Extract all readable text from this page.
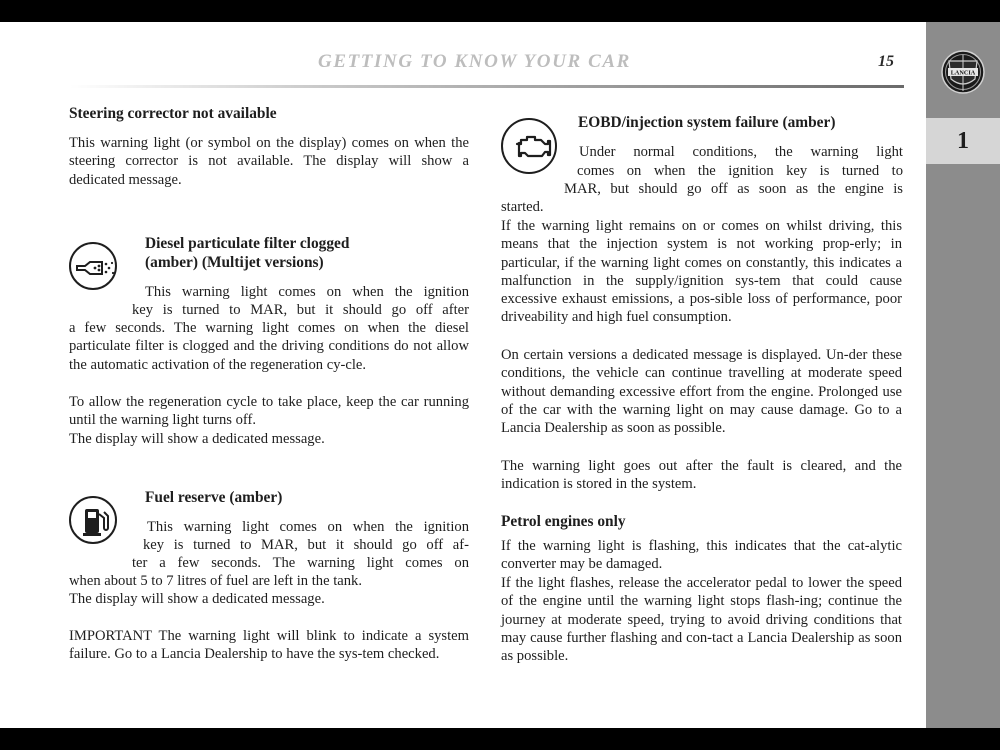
GETTING TO KNOW YOUR CAR	15
Steering corrector not available

This warning light (or symbol on the display) comes on when the steering corrector is not available. The display will show a dedicated message.

Diesel particulate filter clogged
(amber) (Multijet versions)
This warning light comes on when the ignition
key is turned to MAR, but it should go off after

a few seconds. The warning light comes on when the diesel particulate filter is clogged and the driving conditions do not allow the automatic activation of the regeneration cy-cle.

To allow the regeneration cycle to take place, keep the car running until the warning light turns off.

The display will show a dedicated message.

Fuel reserve (amber)
This warning light comes on when the ignition
key is turned to MAR, but it should go off af-
ter a few seconds. The warning light comes on

when about 5 to 7 litres of fuel are left in the tank.

The display will show a dedicated message.

IMPORTANT The warning light will blink to indicate a system failure. Go to a Lancia Dealership to have the sys-tem checked.

EOBD/injection system failure (amber)
Under normal conditions, the warning light
comes on when the ignition key is turned to
MAR, but should go off as soon as the engine is
started.

If the warning light remains on or comes on whilst driving, this means that the injection system is not working prop-erly; in particular, if the warning light comes on constantly, this indicates a malfunction in the supply/ignition sys-tem that could cause excessive exhaust emissions, a pos-sible loss of performance, poor driveability and high fuel consumption.

On certain versions a dedicated message is displayed. Un-der these conditions, the vehicle can continue travelling at moderate speed without demanding excessive effort from the engine. Prolonged use of the car with the warning light on may cause damage. Go to a Lancia Dealership as soon as possible.

The warning light goes out after the fault is cleared, and the indication is stored in the system.

Petrol engines only

If the warning light is flashing, this indicates that the cat-alytic converter may be damaged.

If the light flashes, release the accelerator pedal to lower the speed of the engine until the warning light stops flash-ing; continue the journey at moderate speed, trying to avoid driving conditions that may cause further flashing and con-tact a Lancia Dealership as soon as possible.

LANCIA
1
